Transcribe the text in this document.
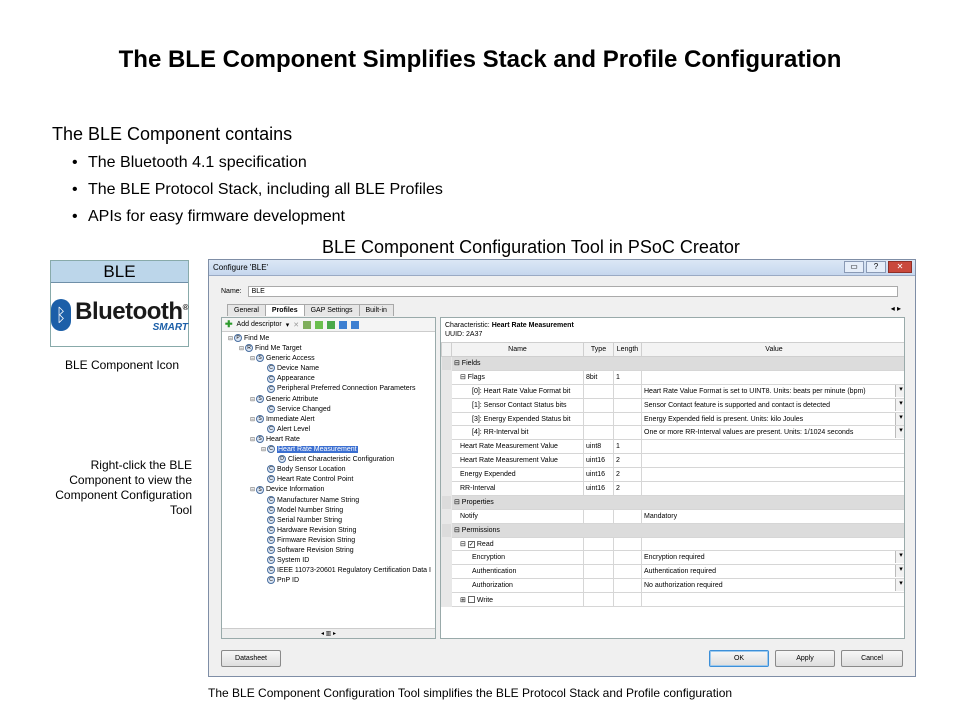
The BLE Component Simplifies Stack and Profile Configuration
The BLE Component contains
• The Bluetooth 4.1 specification
• The BLE Protocol Stack, including all BLE Profiles
• APIs for easy firmware development
BLE Component Configuration Tool in PSoC Creator
BLE
ᛒ Bluetooth®
SMART
BLE Component Icon
Right-click the BLE Component to view the Component Configuration Tool
Configure 'BLE'	▭	?	✕
Name:	BLE
General	Profiles	GAP Settings	Built-in	◂ ▸
✚ Add descriptor ▾ ✕
⊟ P Find Me
⊟ R Find Me Target
⊟ S Generic Access
C Device Name
C Appearance
C Peripheral Preferred Connection Parameters
⊟ S Generic Attribute
C Service Changed
⊟ S Immediate Alert
C Alert Level
⊟ S Heart Rate
⊟ C Heart Rate Measurement
D Client Characteristic Configuration
C Body Sensor Location
C Heart Rate Control Point
⊟ S Device Information
C Manufacturer Name String
C Model Number String
C Serial Number String
C Hardware Revision String
C Firmware Revision String
C Software Revision String
C System ID
C IEEE 11073-20601 Regulatory Certification Data I
C PnP ID
◂ ▥ ▸
Characteristic: Heart Rate Measurement
UUID: 2A37
	Name	Type	Length	Value
	⊟ Fields			
	⊟ Flags	8bit	1	
	[0]: Heart Rate Value Format bit			Heart Rate Value Format is set to UINT8. Units: beats per minute (bpm) ▾
	[1]: Sensor Contact Status bits			Sensor Contact feature is supported and contact is detected ▾
	[3]: Energy Expended Status bit			Energy Expended field is present. Units: kilo Joules ▾
	[4]: RR-Interval bit			One or more RR-Interval values are present. Units: 1/1024 seconds ▾
	Heart Rate Measurement Value	uint8	1	
	Heart Rate Measurement Value	uint16	2	
	Energy Expended	uint16	2	
	RR-Interval	uint16	2	
	⊟ Properties			
	Notify			Mandatory
	⊟ Permissions			
	⊟ ✓ Read			
	Encryption			Encryption required ▾
	Authentication			Authentication required ▾
	Authorization			No authorization required ▾
	⊞ Write			
Datasheet	OK	Apply	Cancel
The BLE Component Configuration Tool simplifies the BLE Protocol Stack and Profile configuration
